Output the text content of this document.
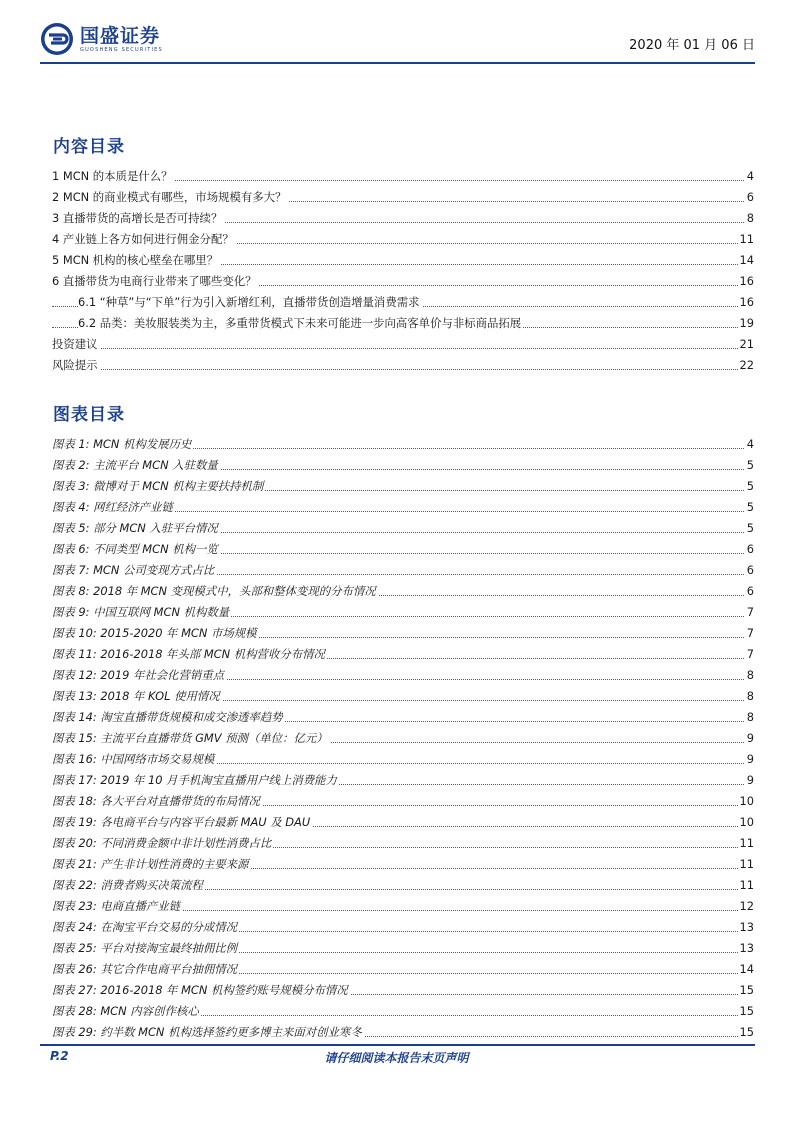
国盛证券
GUOSHENG SECURITIES	2020 年 01 月 06 日
内容目录
1 MCN 的本质是什么？	4
2 MCN 的商业模式有哪些，市场规模有多大？	6
3 直播带货的高增长是否可持续？	8
4 产业链上各方如何进行佣金分配？	11
5 MCN 机构的核心壁垒在哪里？	14
6 直播带货为电商行业带来了哪些变化？	16
6.1 “种草”与“下单”行为引入新增红利，直播带货创造增量消费需求	16
6.2 品类：美妆服装类为主，多重带货模式下未来可能进一步向高客单价与非标商品拓展	19
投资建议	21
风险提示	22
图表目录
图表 1: MCN 机构发展历史	4
图表 2: 主流平台 MCN 入驻数量	5
图表 3: 微博对于 MCN 机构主要扶持机制	5
图表 4: 网红经济产业链	5
图表 5: 部分 MCN 入驻平台情况	5
图表 6: 不同类型 MCN 机构一览	6
图表 7: MCN 公司变现方式占比	6
图表 8: 2018 年 MCN 变现模式中，头部和整体变现的分布情况	6
图表 9: 中国互联网 MCN 机构数量	7
图表 10: 2015-2020 年 MCN 市场规模	7
图表 11: 2016-2018 年头部 MCN 机构营收分布情况	7
图表 12: 2019 年社会化营销重点	8
图表 13: 2018 年 KOL 使用情况	8
图表 14: 淘宝直播带货规模和成交渗透率趋势	8
图表 15: 主流平台直播带货 GMV 预测（单位：亿元）	9
图表 16: 中国网络市场交易规模	9
图表 17: 2019 年 10 月手机淘宝直播用户线上消费能力	9
图表 18: 各大平台对直播带货的布局情况	10
图表 19: 各电商平台与内容平台最新 MAU 及 DAU	10
图表 20: 不同消费金额中非计划性消费占比	11
图表 21: 产生非计划性消费的主要来源	11
图表 22: 消费者购买决策流程	11
图表 23: 电商直播产业链	12
图表 24: 在淘宝平台交易的分成情况	13
图表 25: 平台对接淘宝最终抽佣比例	13
图表 26: 其它合作电商平台抽佣情况	14
图表 27: 2016-2018 年 MCN 机构签约账号规模分布情况	15
图表 28: MCN 内容创作核心	15
图表 29: 约半数 MCN 机构选择签约更多博主来面对创业寒冬	15
P.2	请仔细阅读本报告末页声明
